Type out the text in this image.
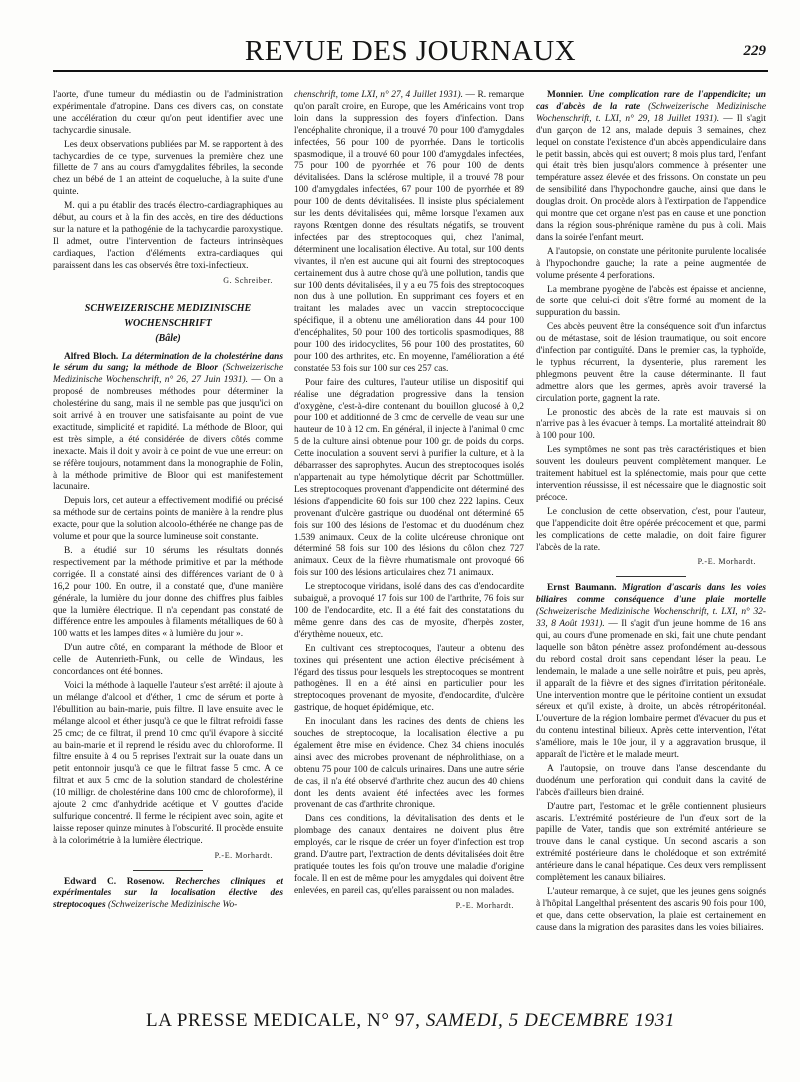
REVUE DES JOURNAUX	229

l'aorte, d'une tumeur du médiastin ou de l'administration expérimentale d'atropine. Dans ces divers cas, on constate une accélération du cœur qu'on peut identifier avec une tachycardie sinusale.

Les deux observations publiées par M. se rapportent à des tachycardies de ce type, survenues la première chez une fillette de 7 ans au cours d'amygdalites fébriles, la seconde chez un bébé de 1 an atteint de coqueluche, à la suite d'une quinte.

M. qui a pu établir des tracés électro-cardiagraphiques au début, au cours et à la fin des accès, en tire des déductions sur la nature et la pathogénie de la tachycardie paroxystique. Il admet, outre l'intervention de facteurs intrinsèques cardiaques, l'action d'éléments extra-cardiaques qui paraissent dans les cas observés être toxi-infectieux.

G. Schreiber.
SCHWEIZERISCHE MEDIZINISCHE WOCHENSCHRIFT
(Bâle)

Alfred Bloch. La détermination de la cholestérine dans le sérum du sang; la méthode de Bloor (Schweizerische Medizinische Wochenschrift, n° 26, 27 Juin 1931). — On a proposé de nombreuses méthodes pour déterminer la cholestérine du sang, mais il ne semble pas que jusqu'ici on soit arrivé à en trouver une satisfaisante au point de vue exactitude, simplicité et rapidité. La méthode de Bloor, qui est très simple, a été considérée de divers côtés comme inexacte. Mais il doit y avoir à ce point de vue une erreur: on se réfère toujours, notamment dans la monographie de Folin, à la méthode primitive de Bloor qui est manifestement lacunaire.

Depuis lors, cet auteur a effectivement modifié ou précisé sa méthode sur de certains points de manière à la rendre plus exacte, pour que la solution alcoolo-éthérée ne change pas de volume et pour que la source lumineuse soit constante.

B. a étudié sur 10 sérums les résultats donnés respectivement par la méthode primitive et par la méthode corrigée. Il a constaté ainsi des différences variant de 0 à 16,2 pour 100. En outre, il a constaté que, d'une manière générale, la lumière du jour donne des chiffres plus faibles que la lumière électrique. Il n'a cependant pas constaté de différence entre les ampoules à filaments métalliques de 60 à 100 watts et les lampes dites « à lumière du jour ».

D'un autre côté, en comparant la méthode de Bloor et celle de Autenrieth-Funk, ou celle de Windaus, les concordances ont été bonnes.

Voici la méthode à laquelle l'auteur s'est arrêté: il ajoute à un mélange d'alcool et d'éther, 1 cmc de sérum et porte à l'ébullition au bain-marie, puis filtre. Il lave ensuite avec le mélange alcool et éther jusqu'à ce que le filtrat refroidi fasse 25 cmc; de ce filtrat, il prend 10 cmc qu'il évapore à siccité au bain-marie et il reprend le résidu avec du chloroforme. Il filtre ensuite à 4 ou 5 reprises l'extrait sur la ouate dans un petit entonnoir jusqu'à ce que le filtrat fasse 5 cmc. A ce filtrat et aux 5 cmc de la solution standard de cholestérine (10 milligr. de cholestérine dans 100 cmc de chloroforme), il ajoute 2 cmc d'anhydride acétique et V gouttes d'acide sulfurique concentré. Il ferme le récipient avec soin, agite et laisse reposer quinze minutes à l'obscurité. Il procède ensuite à la colorimétrie à la lumière électrique.

P.-E. Morhardt.

Edward C. Rosenow. Recherches cliniques et expérimentales sur la localisation élective des streptocoques (Schweizerische Medizinische Wo-

chenschrift, tome LXI, n° 27, 4 Juillet 1931). — R. remarque qu'on paraît croire, en Europe, que les Américains vont trop loin dans la suppression des foyers d'infection. Dans l'encéphalite chronique, il a trouvé 70 pour 100 d'amygdales infectées, 56 pour 100 de pyorrhée. Dans le torticolis spasmodique, il a trouvé 60 pour 100 d'amygdales infectées, 75 pour 100 de pyorrhée et 76 pour 100 de dents dévitalisées. Dans la sclérose multiple, il a trouvé 78 pour 100 d'amygdales infectées, 67 pour 100 de pyorrhée et 89 pour 100 de dents dévitalisées. Il insiste plus spécialement sur les dents dévitalisées qui, même lorsque l'examen aux rayons Rœntgen donne des résultats négatifs, se trouvent infectées par des streptocoques qui, chez l'animal, déterminent une localisation élective. Au total, sur 100 dents vivantes, il n'en est aucune qui ait fourni des streptocoques certainement dus à autre chose qu'à une pollution, tandis que sur 100 dents dévitalisées, il y a eu 75 fois des streptocoques non dus à une pollution. En supprimant ces foyers et en traitant les malades avec un vaccin streptococcique spécifique, il a obtenu une amélioration dans 44 pour 100 d'encéphalites, 50 pour 100 des torticolis spasmodiques, 88 pour 100 des iridocyclites, 56 pour 100 des prostatites, 60 pour 100 des arthrites, etc. En moyenne, l'amélioration a été constatée 53 fois sur 100 sur ces 257 cas.

Pour faire des cultures, l'auteur utilise un dispositif qui réalise une dégradation progressive dans la tension d'oxygène, c'est-à-dire contenant du bouillon glucosé à 0,2 pour 100 et additionné de 3 cmc de cervelle de veau sur une hauteur de 10 à 12 cm. En général, il injecte à l'animal 0 cmc 5 de la culture ainsi obtenue pour 100 gr. de poids du corps. Cette inoculation a souvent servi à purifier la culture, et à la débarrasser des saprophytes. Aucun des streptocoques isolés n'appartenait au type hémolytique décrit par Schottmüller. Les streptocoques provenant d'appendicite ont déterminé des lésions d'appendicite 60 fois sur 100 chez 222 lapins. Ceux provenant d'ulcère gastrique ou duodénal ont déterminé 65 fois sur 100 des lésions de l'estomac et du duodénum chez 1.539 animaux. Ceux de la colite ulcéreuse chronique ont déterminé 58 fois sur 100 des lésions du côlon chez 727 animaux. Ceux de la fièvre rhumatismale ont provoqué 66 fois sur 100 des lésions articulaires chez 71 animaux.

Le streptocoque viridans, isolé dans des cas d'endocardite subaiguë, a provoqué 17 fois sur 100 de l'arthrite, 76 fois sur 100 de l'endocardite, etc. Il a été fait des constatations du même genre dans des cas de myosite, d'herpès zoster, d'érythème noueux, etc.

En cultivant ces streptocoques, l'auteur a obtenu des toxines qui présentent une action élective précisément à l'égard des tissus pour lesquels les streptocoques se montrent pathogènes. Il en a été ainsi en particulier pour les streptocoques provenant de myosite, d'endocardite, d'ulcère gastrique, de hoquet épidémique, etc.

En inoculant dans les racines des dents de chiens les souches de streptocoque, la localisation élective a pu également être mise en évidence. Chez 34 chiens inoculés ainsi avec des microbes provenant de néphrolithiase, on a obtenu 75 pour 100 de calculs urinaires. Dans une autre série de cas, il n'a été observé d'arthrite chez aucun des 40 chiens dont les dents avaient été infectées avec les formes provenant de cas d'arthrite chronique.

Dans ces conditions, la dévitalisation des dents et le plombage des canaux dentaires ne doivent plus être employés, car le risque de créer un foyer d'infection est trop grand. D'autre part, l'extraction de dents dévitalisées doit être pratiquée toutes les fois qu'on trouve une maladie d'origine focale. Il en est de même pour les amygdales qui doivent être enlevées, en pareil cas, qu'elles paraissent ou non malades.

P.-E. Morhardt.

Monnier. Une complication rare de l'appendicite; un cas d'abcès de la rate (Schweizerische Medizinische Wochenschrift, t. LXI, n° 29, 18 Juillet 1931). — Il s'agit d'un garçon de 12 ans, malade depuis 3 semaines, chez lequel on constate l'existence d'un abcès appendiculaire dans le petit bassin, abcès qui est ouvert; 8 mois plus tard, l'enfant qui était très bien jusqu'alors commence à présenter une température assez élevée et des frissons. On constate un peu de sensibilité dans l'hypochondre gauche, ainsi que dans le douglas droit. On procède alors à l'extirpation de l'appendice qui montre que cet organe n'est pas en cause et une ponction dans la région sous-phrénique ramène du pus à coli. Mais dans la soirée l'enfant meurt.

A l'autopsie, on constate une péritonite purulente localisée à l'hypochondre gauche; la rate a peine augmentée de volume présente 4 perforations.

La membrane pyogène de l'abcès est épaisse et ancienne, de sorte que celui-ci doit s'être formé au moment de la suppuration du bassin.

Ces abcès peuvent être la conséquence soit d'un infarctus ou de métastase, soit de lésion traumatique, ou soit encore d'infection par contiguïté. Dans le premier cas, la typhoïde, le typhus récurrent, la dysenterie, plus rarement les phlegmons peuvent être la cause déterminante. Il faut admettre alors que les germes, après avoir traversé la circulation porte, gagnent la rate.

Le pronostic des abcès de la rate est mauvais si on n'arrive pas à les évacuer à temps. La mortalité atteindrait 80 à 100 pour 100.

Les symptômes ne sont pas très caractéristiques et bien souvent les douleurs peuvent complètement manquer. Le traitement habituel est la splénectomie, mais pour que cette intervention réussisse, il est nécessaire que le diagnostic soit précoce.

Le conclusion de cette observation, c'est, pour l'auteur, que l'appendicite doit être opérée précocement et que, parmi les complications de cette maladie, on doit faire figurer l'abcès de la rate.

P.-E. Morhardt.

Ernst Baumann. Migration d'ascaris dans les voies biliaires comme conséquence d'une plaie mortelle (Schweizerische Medizinische Wochenschrift, t. LXI, n° 32-33, 8 Août 1931). — Il s'agit d'un jeune homme de 16 ans qui, au cours d'une promenade en ski, fait une chute pendant laquelle son bâton pénètre assez profondément au-dessous du rebord costal droit sans cependant léser la peau. Le lendemain, le malade a une selle noirâtre et puis, peu après, il apparaît de la fièvre et des signes d'irritation péritonéale. Une intervention montre que le péritoine contient un exsudat séreux et qu'il existe, à droite, un abcès rétropéritonéal. L'ouverture de la région lombaire permet d'évacuer du pus et du contenu intestinal bilieux. Après cette intervention, l'état s'améliore, mais le 10e jour, il y a aggravation brusque, il apparaît de l'ictère et le malade meurt.

A l'autopsie, on trouve dans l'anse descendante du duodénum une perforation qui conduit dans la cavité de l'abcès d'ailleurs bien drainé.

D'autre part, l'estomac et le grêle contiennent plusieurs ascaris. L'extrémité postérieure de l'un d'eux sort de la papille de Vater, tandis que son extrémité antérieure se trouve dans le canal cystique. Un second ascaris a son extrémité postérieure dans le cholédoque et son extrémité antérieure dans le canal hépatique. Ces deux vers remplissent complètement les canaux biliaires.

L'auteur remarque, à ce sujet, que les jeunes gens soignés à l'hôpital Langelthal présentent des ascaris 90 fois pour 100, et que, dans cette observation, la plaie est certainement en cause dans la migration des parasites dans les voies biliaires.

LA PRESSE MEDICALE, N° 97, SAMEDI, 5 DECEMBRE 1931
